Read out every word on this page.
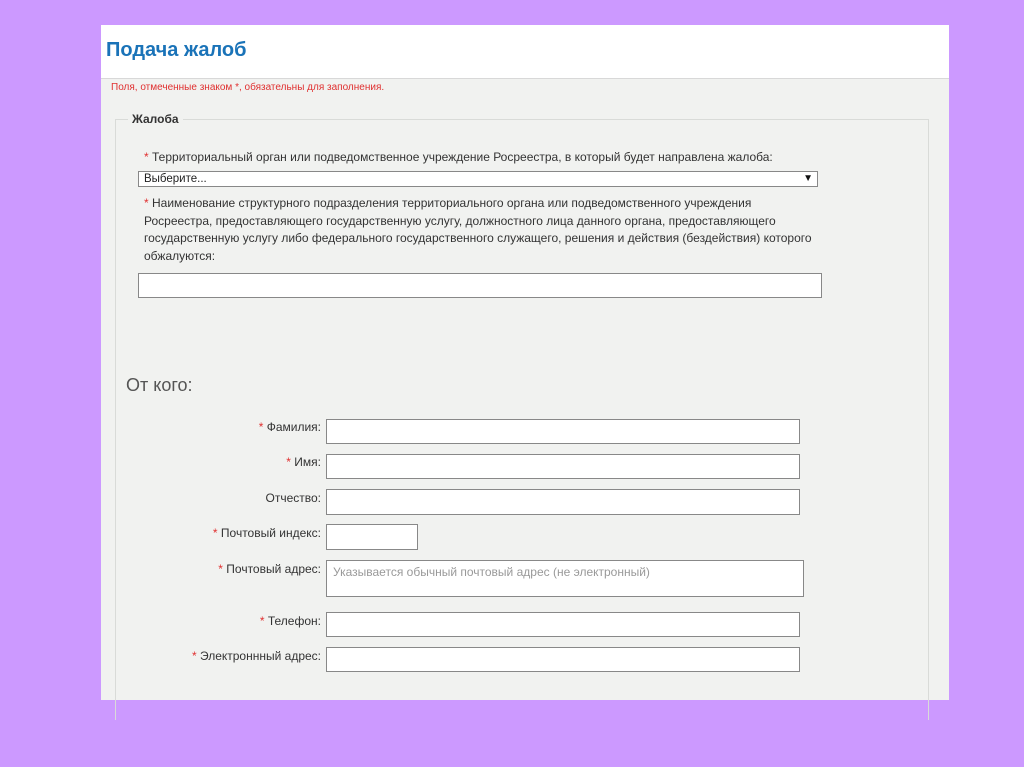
Подача жалоб
Поля, отмеченные знаком *, обязательны для заполнения.
Жалоба
* Территориальный орган или подведомственное учреждение Росреестра, в который будет направлена жалоба:
Выберите...	▼
* Наименование структурного подразделения территориального органа или подведомственного учреждения
Росреестра, предоставляющего государственную услугу, должностного лица данного органа, предоставляющего
государственную услугу либо федерального государственного служащего, решения и действия (бездействия) которого
обжалуются:
От кого:
* Фамилия:
* Имя:
Отчество:
* Почтовый индекс:
* Почтовый адрес:	Указывается обычный почтовый адрес (не электронный)
* Телефон:
* Электроннный адрес:
